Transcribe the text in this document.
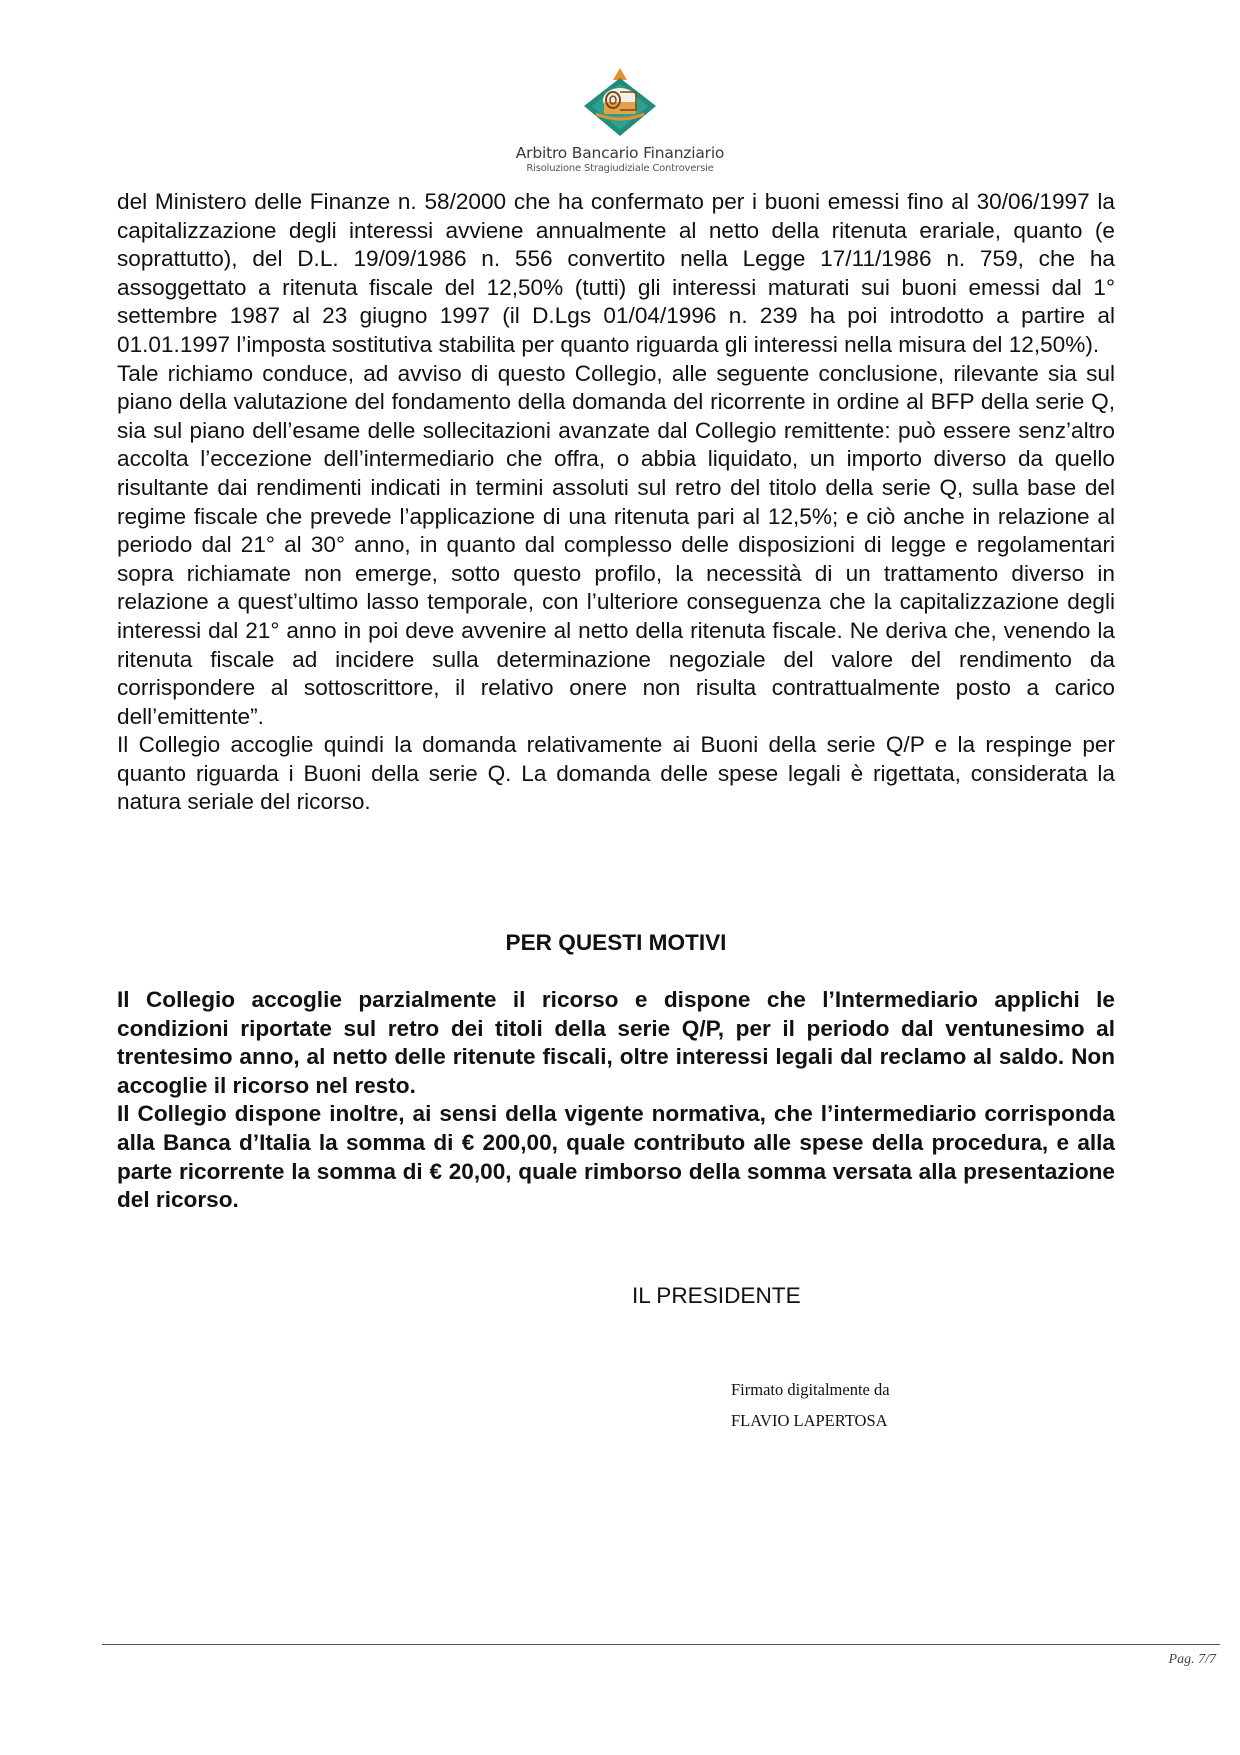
Arbitro Bancario Finanziario
Risoluzione Stragiudiziale Controversie

del Ministero delle Finanze n. 58/2000 che ha confermato per i buoni emessi fino al 30/06/1997 la capitalizzazione degli interessi avviene annualmente al netto della ritenuta erariale, quanto (e soprattutto), del D.L. 19/09/1986 n. 556 convertito nella Legge 17/11/1986 n. 759, che ha assoggettato a ritenuta fiscale del 12,50% (tutti) gli interessi maturati sui buoni emessi dal 1° settembre 1987 al 23 giugno 1997 (il D.Lgs 01/04/1996 n. 239 ha poi introdotto a partire al 01.01.1997 l’imposta sostitutiva stabilita per quanto riguarda gli interessi nella misura del 12,50%).

Tale richiamo conduce, ad avviso di questo Collegio, alle seguente conclusione, rilevante sia sul piano della valutazione del fondamento della domanda del ricorrente in ordine al BFP della serie Q, sia sul piano dell’esame delle sollecitazioni avanzate dal Collegio remittente: può essere senz’altro accolta l’eccezione dell’intermediario che offra, o abbia liquidato, un importo diverso da quello risultante dai rendimenti indicati in termini assoluti sul retro del titolo della serie Q, sulla base del regime fiscale che prevede l’applicazione di una ritenuta pari al 12,5%; e ciò anche in relazione al periodo dal 21° al 30° anno, in quanto dal complesso delle disposizioni di legge e regolamentari sopra richiamate non emerge, sotto questo profilo, la necessità di un trattamento diverso in relazione a quest’ultimo lasso temporale, con l’ulteriore conseguenza che la capitalizzazione degli interessi dal 21° anno in poi deve avvenire al netto della ritenuta fiscale. Ne deriva che, venendo la ritenuta fiscale ad incidere sulla determinazione negoziale del valore del rendimento da corrispondere al sottoscrittore, il relativo onere non risulta contrattualmente posto a carico dell’emittente”.

Il Collegio accoglie quindi la domanda relativamente ai Buoni della serie Q/P e la respinge per quanto riguarda i Buoni della serie Q. La domanda delle spese legali è rigettata, considerata la natura seriale del ricorso.

PER QUESTI MOTIVI

Il Collegio accoglie parzialmente il ricorso e dispone che l’Intermediario applichi le condizioni riportate sul retro dei titoli della serie Q/P, per il periodo dal ventunesimo al trentesimo anno, al netto delle ritenute fiscali, oltre interessi legali dal reclamo al saldo. Non accoglie il ricorso nel resto.

Il Collegio dispone inoltre, ai sensi della vigente normativa, che l’intermediario corrisponda alla Banca d’Italia la somma di € 200,00, quale contributo alle spese della procedura, e alla parte ricorrente la somma di € 20,00, quale rimborso della somma versata alla presentazione del ricorso.

IL PRESIDENTE
Firmato digitalmente da
FLAVIO LAPERTOSA
Pag. 7/7
